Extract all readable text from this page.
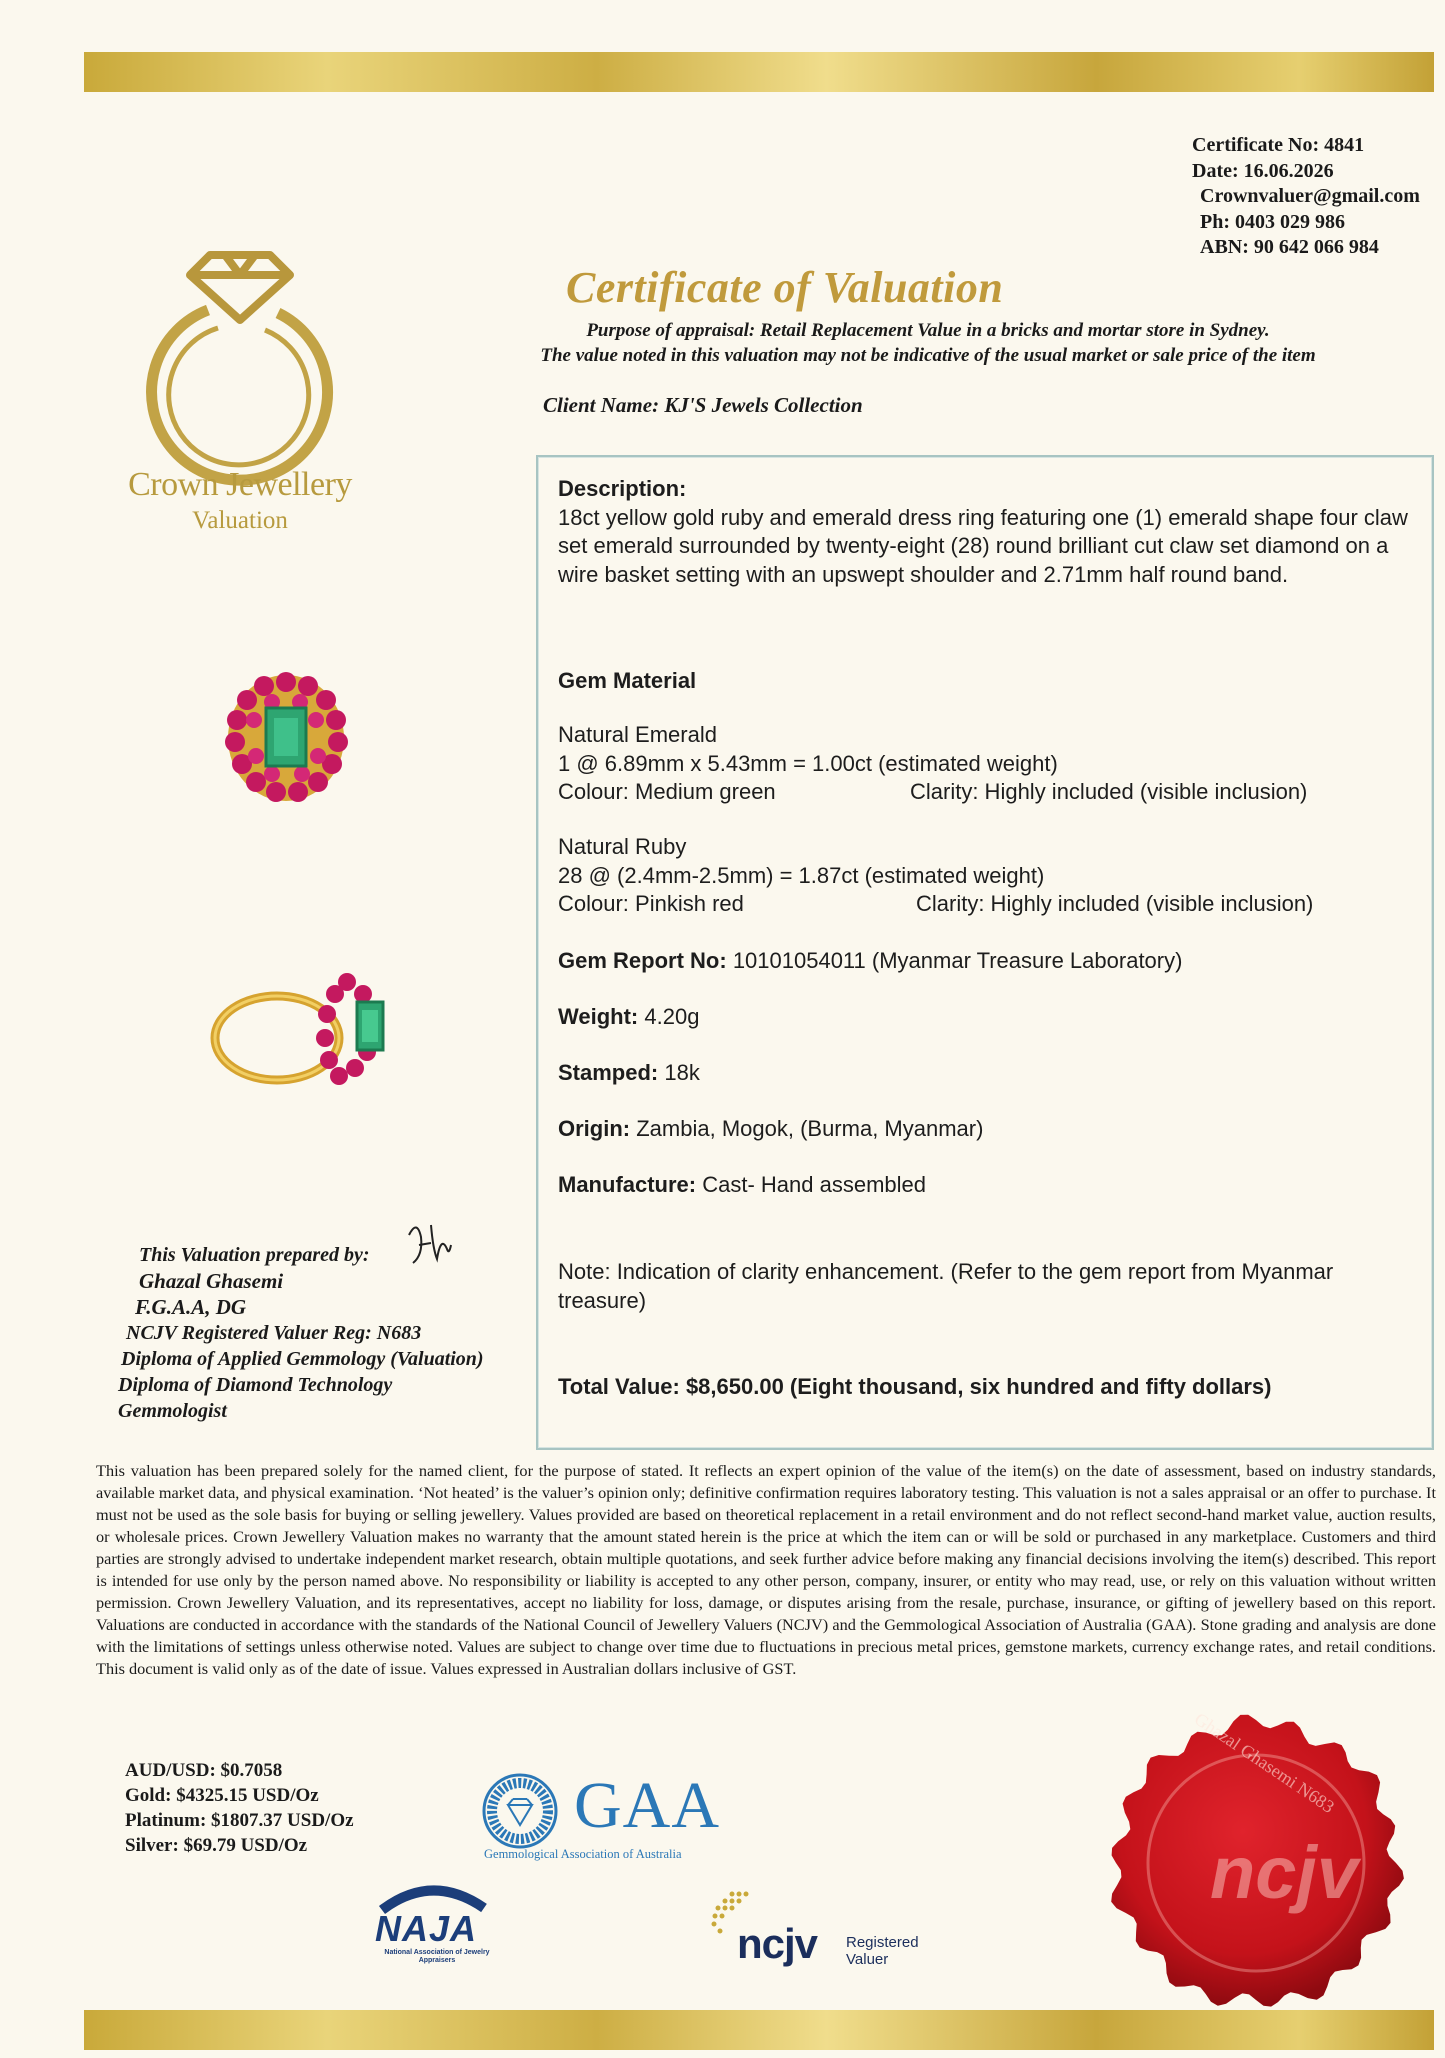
Certificate No: 4841
Date: 16.06.2026
Crownvaluer@gmail.com
Ph: 0403 029 986
ABN: 90 642 066 984
Crown Jewellery
Valuation
Certificate of Valuation
Purpose of appraisal: Retail Replacement Value in a bricks and mortar store in Sydney.
The value noted in this valuation may not be indicative of the usual market or sale price of the item
Client Name: KJ'S Jewels Collection
Description:
18ct yellow gold ruby and emerald dress ring featuring one (1) emerald shape four claw set emerald surrounded by twenty-eight (28) round brilliant cut claw set diamond on a wire basket setting with an upswept shoulder and 2.71mm half round band.
Gem Material
Natural Emerald
1 @ 6.89mm x 5.43mm = 1.00ct (estimated weight)
Colour: Medium green	Clarity: Highly included (visible inclusion)
Natural Ruby
28 @ (2.4mm-2.5mm) = 1.87ct (estimated weight)
Colour: Pinkish red	Clarity: Highly included (visible inclusion)
Gem Report No: 10101054011 (Myanmar Treasure Laboratory)
Weight: 4.20g
Stamped: 18k
Origin: Zambia, Mogok, (Burma, Myanmar)
Manufacture: Cast- Hand assembled
Note: Indication of clarity enhancement. (Refer to the gem report from Myanmar treasure)
Total Value: $8,650.00 (Eight thousand, six hundred and fifty dollars)
This Valuation prepared by:
Ghazal Ghasemi
F.G.A.A, DG
NCJV Registered Valuer Reg: N683
Diploma of Applied Gemmology (Valuation)
Diploma of Diamond Technology
Gemmologist
This valuation has been prepared solely for the named client, for the purpose of stated. It reflects an expert opinion of the value of the item(s) on the date of assessment, based on industry standards, available market data, and physical examination. ‘Not heated’ is the valuer’s opinion only; definitive confirmation requires laboratory testing. This valuation is not a sales appraisal or an offer to purchase. It must not be used as the sole basis for buying or selling jewellery. Values provided are based on theoretical replacement in a retail environment and do not reflect second-hand market value, auction results, or wholesale prices. Crown Jewellery Valuation makes no warranty that the amount stated herein is the price at which the item can or will be sold or purchased in any marketplace. Customers and third parties are strongly advised to undertake independent market research, obtain multiple quotations, and seek further advice before making any financial decisions involving the item(s) described. This report is intended for use only by the person named above. No responsibility or liability is accepted to any other person, company, insurer, or entity who may read, use, or rely on this valuation without written permission. Crown Jewellery Valuation, and its representatives, accept no liability for loss, damage, or disputes arising from the resale, purchase, insurance, or gifting of jewellery based on this report. Valuations are conducted in accordance with the standards of the National Council of Jewellery Valuers (NCJV) and the Gemmological Association of Australia (GAA). Stone grading and analysis are done with the limitations of settings unless otherwise noted. Values are subject to change over time due to fluctuations in precious metal prices, gemstone markets, currency exchange rates, and retail conditions. This document is valid only as of the date of issue. Values expressed in Australian dollars inclusive of GST.
AUD/USD: $0.7058
Gold: $4325.15 USD/Oz
Platinum: $1807.37 USD/Oz
Silver: $69.79 USD/Oz
GAA
Gemmological Association of Australia
NAJA
National Association of Jewelry Appraisers	ncjv Registered
Valuer
Ghazal Ghasemi N683
ncjv
